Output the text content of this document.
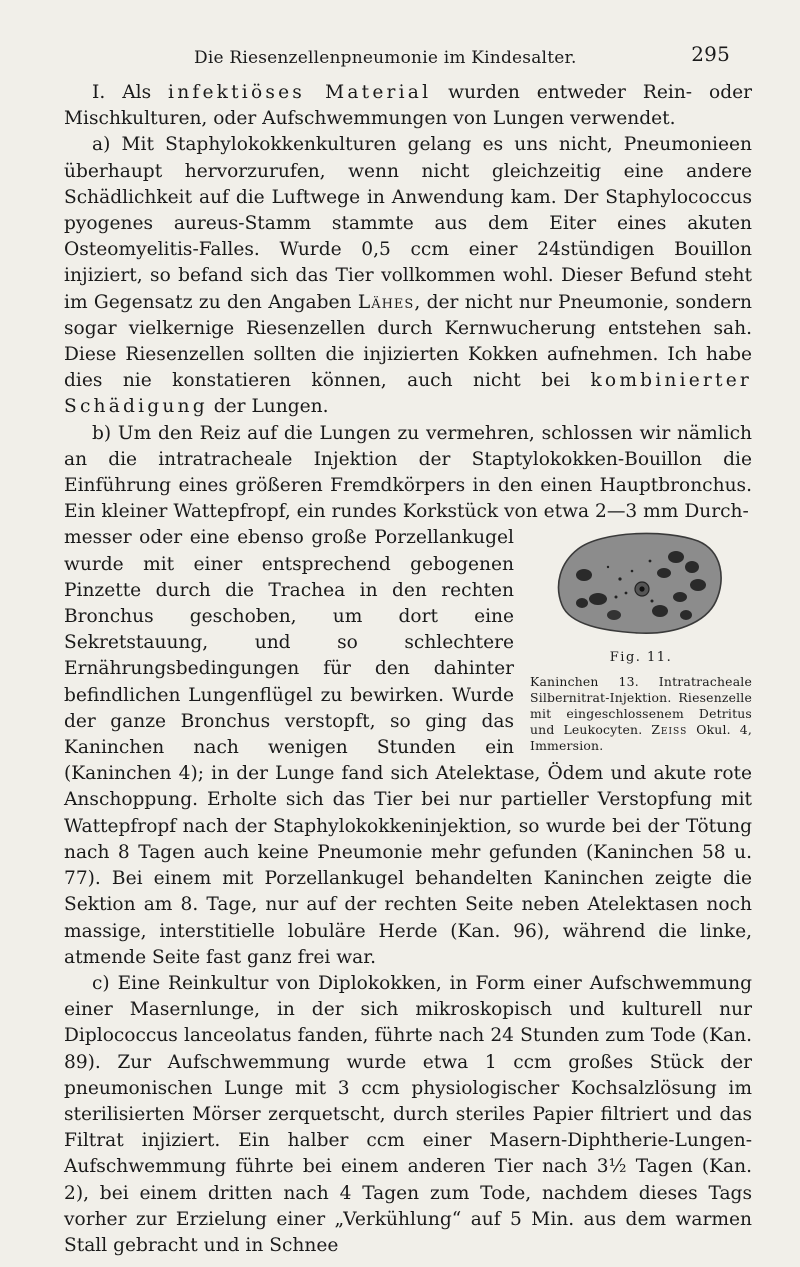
Die Riesenzellenpneumonie im Kindesalter.	295

I. Als infektiöses Material wurden entweder Rein- oder Mischkulturen, oder Aufschwemmungen von Lungen verwendet.

a) Mit Staphylokokkenkulturen gelang es uns nicht, Pneumonieen überhaupt hervorzurufen, wenn nicht gleichzeitig eine andere Schädlichkeit auf die Luftwege in Anwendung kam. Der Staphylococcus pyogenes aureus-Stamm stammte aus dem Eiter eines akuten Osteomyelitis-Falles. Wurde 0,5 ccm einer 24stündigen Bouillon injiziert, so befand sich das Tier vollkommen wohl. Dieser Befund steht im Gegensatz zu den Angaben Lähes, der nicht nur Pneumonie, sondern sogar vielkernige Riesenzellen durch Kernwucherung entstehen sah. Diese Riesenzellen sollten die injizierten Kokken aufnehmen. Ich habe dies nie konstatieren können, auch nicht bei kombinierter Schädigung der Lungen.

b) Um den Reiz auf die Lungen zu vermehren, schlossen wir nämlich an die intratracheale Injektion der Staptylokokken-Bouillon die Einführung eines größeren Fremdkörpers in den einen Hauptbronchus. Ein kleiner Wattepfropf, ein rundes Korkstück von etwa 2—3 mm Durch-

Fig. 11.
Kaninchen 13. Intratracheale Silbernitrat-Injektion. Riesenzelle mit eingeschlossenem Detritus und Leukocyten. Zeiss Okul. 4, Immersion.

messer oder eine ebenso große Porzellankugel wurde mit einer entsprechend gebogenen Pinzette durch die Trachea in den rechten Bronchus geschoben, um dort eine Sekretstauung, und so schlechtere Ernährungsbedingungen für den dahinter befindlichen Lungenflügel zu bewirken. Wurde der ganze Bronchus verstopft, so ging das Kaninchen nach wenigen Stunden ein (Kaninchen 4); in der Lunge fand sich Atelektase, Ödem und akute rote Anschoppung. Erholte sich das Tier bei nur partieller Verstopfung mit Wattepfropf nach der Staphylokokkeninjektion, so wurde bei der Tötung nach 8 Tagen auch keine Pneumonie mehr gefunden (Kaninchen 58 u. 77). Bei einem mit Porzellankugel behandelten Kaninchen zeigte die Sektion am 8. Tage, nur auf der rechten Seite neben Atelektasen noch massige, interstitielle lobuläre Herde (Kan. 96), während die linke, atmende Seite fast ganz frei war.

c) Eine Reinkultur von Diplokokken, in Form einer Aufschwemmung einer Masernlunge, in der sich mikroskopisch und kulturell nur Diplococcus lanceolatus fanden, führte nach 24 Stunden zum Tode (Kan. 89). Zur Aufschwemmung wurde etwa 1 ccm großes Stück der pneumonischen Lunge mit 3 ccm physiologischer Kochsalzlösung im sterilisierten Mörser zerquetscht, durch steriles Papier filtriert und das Filtrat injiziert. Ein halber ccm einer Masern-Diphtherie-Lungen-Aufschwemmung führte bei einem anderen Tier nach 3½ Tagen (Kan. 2), bei einem dritten nach 4 Tagen zum Tode, nachdem dieses Tags vorher zur Erzielung einer „Verkühlung“ auf 5 Min. aus dem warmen Stall gebracht und in Schnee
